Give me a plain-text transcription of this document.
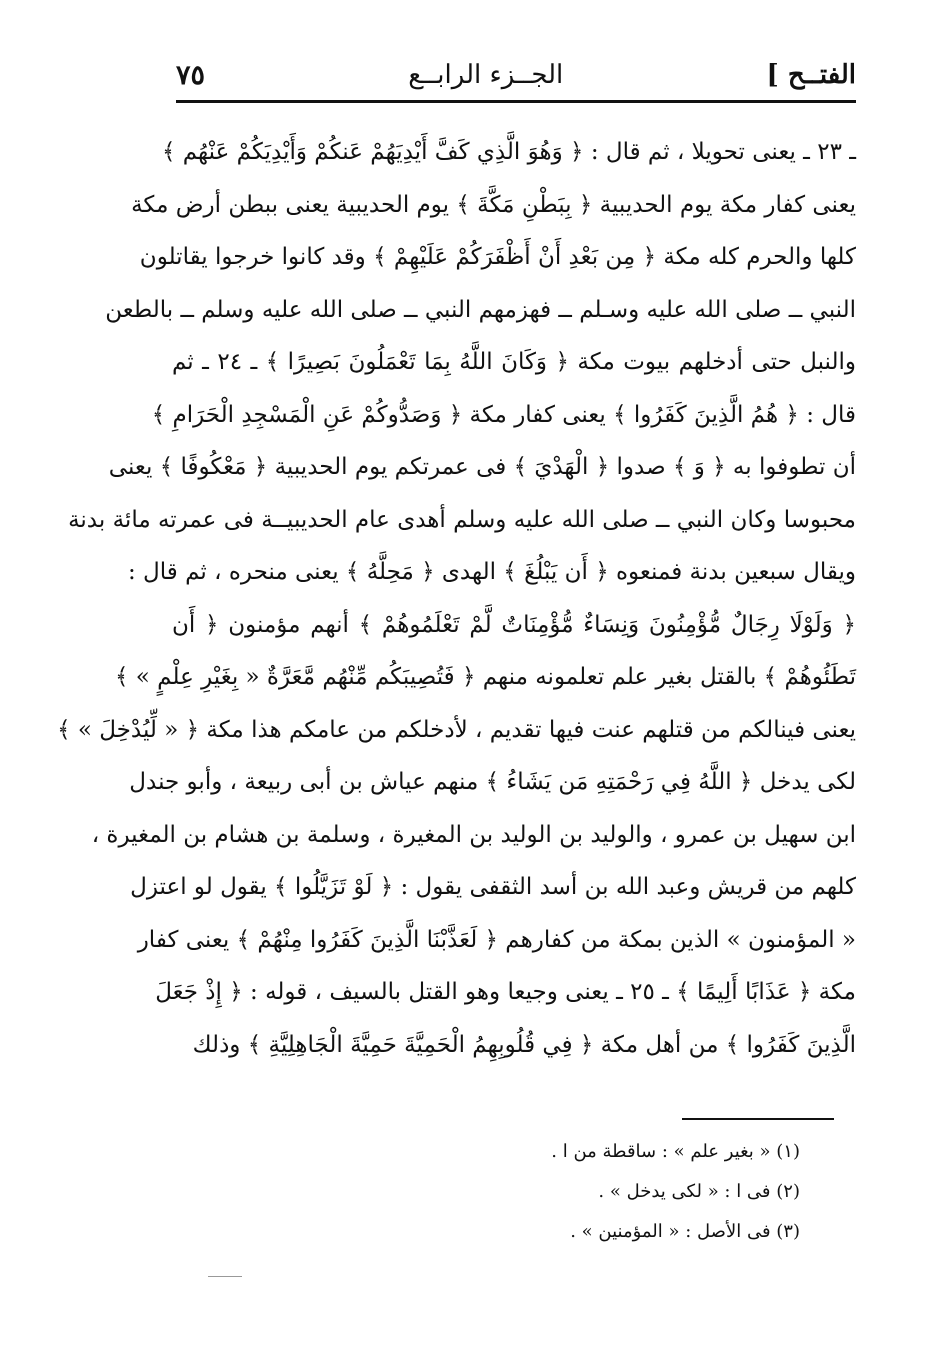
الفتــح ]
الجــزء الرابــع
٧٥
ـ ٢٣ ـ يعنى تحويلا ، ثم قال : ﴿ وَهُوَ الَّذِي كَفَّ أَيْدِيَهُمْ عَنكُمْ وَأَيْدِيَكُمْ عَنْهُم ﴾
يعنى كفار مكة يوم الحديبية ﴿ بِبَطْنِ مَكَّةَ ﴾ يوم الحديبية يعنى ببطن أرض مكة
كلها والحرم كله مكة ﴿ مِن بَعْدِ أَنْ أَظْفَرَكُمْ عَلَيْهِمْ ﴾ وقد كانوا خرجوا يقاتلون
النبي ــ صلى الله عليه وسـلم ــ فهزمهم النبي ــ صلى الله عليه وسلم ــ بالطعن
والنبل حتى أدخلهم بيوت مكة ﴿ وَكَانَ اللَّهُ بِمَا تَعْمَلُونَ بَصِيرًا ﴾ ـ ٢٤ ـ ثم
قال : ﴿ هُمُ الَّذِينَ كَفَرُوا ﴾ يعنى كفار مكة ﴿ وَصَدُّوكُمْ عَنِ الْمَسْجِدِ الْحَرَامِ ﴾
أن تطوفوا به ﴿ وَ ﴾ صدوا ﴿ الْهَدْيَ ﴾ فى عمرتكم يوم الحديبية ﴿ مَعْكُوفًا ﴾ يعنى
محبوسا وكان النبي ــ صلى الله عليه وسلم أهدى عام الحديبيــة فى عمرته مائة بدنة
ويقال سبعين بدنة فمنعوه ﴿ أَن يَبْلُغَ ﴾ الهدى ﴿ مَحِلَّهُ ﴾ يعنى منحره ، ثم قال :
﴿ وَلَوْلَا رِجَالٌ مُّؤْمِنُونَ وَنِسَاءٌ مُّؤْمِنَاتٌ لَّمْ تَعْلَمُوهُمْ ﴾ أنهم مؤمنون ﴿ أَن
تَطَئُوهُمْ ﴾ بالقتل بغير علم تعلمونه منهم ﴿ فَتُصِيبَكُم مِّنْهُم مَّعَرَّةٌ « بِغَيْرِ عِلْمٍ » ﴾
يعنى فينالكم من قتلهم عنت فيها تقديم ، لأدخلكم من عامكم هذا مكة ﴿ « لِّيُدْخِلَ » ﴾
لكى يدخل ﴿ اللَّهُ فِي رَحْمَتِهِ مَن يَشَاءُ ﴾ منهم عياش بن أبى ربيعة ، وأبو جندل
ابن سهيل بن عمرو ، والوليد بن الوليد بن المغيرة ، وسلمة بن هشام بن المغيرة ،
كلهم من قريش وعبد الله بن أسد الثقفى يقول : ﴿ لَوْ تَزَيَّلُوا ﴾ يقول لو اعتزل
« المؤمنون » الذين بمكة من كفارهم ﴿ لَعَذَّبْنَا الَّذِينَ كَفَرُوا مِنْهُمْ ﴾ يعنى كفار
مكة ﴿ عَذَابًا أَلِيمًا ﴾ ـ ٢٥ ـ يعنى وجيعا وهو القتل بالسيف ، قوله : ﴿ إِذْ جَعَلَ
الَّذِينَ كَفَرُوا ﴾ من أهل مكة ﴿ فِي قُلُوبِهِمُ الْحَمِيَّةَ حَمِيَّةَ الْجَاهِلِيَّةِ ﴾ وذلك
(١) « بغير علم » : ساقطة من ا .
(٢) فى ا : « لكى يدخل » .
(٣) فى الأصل : « المؤمنين » .
